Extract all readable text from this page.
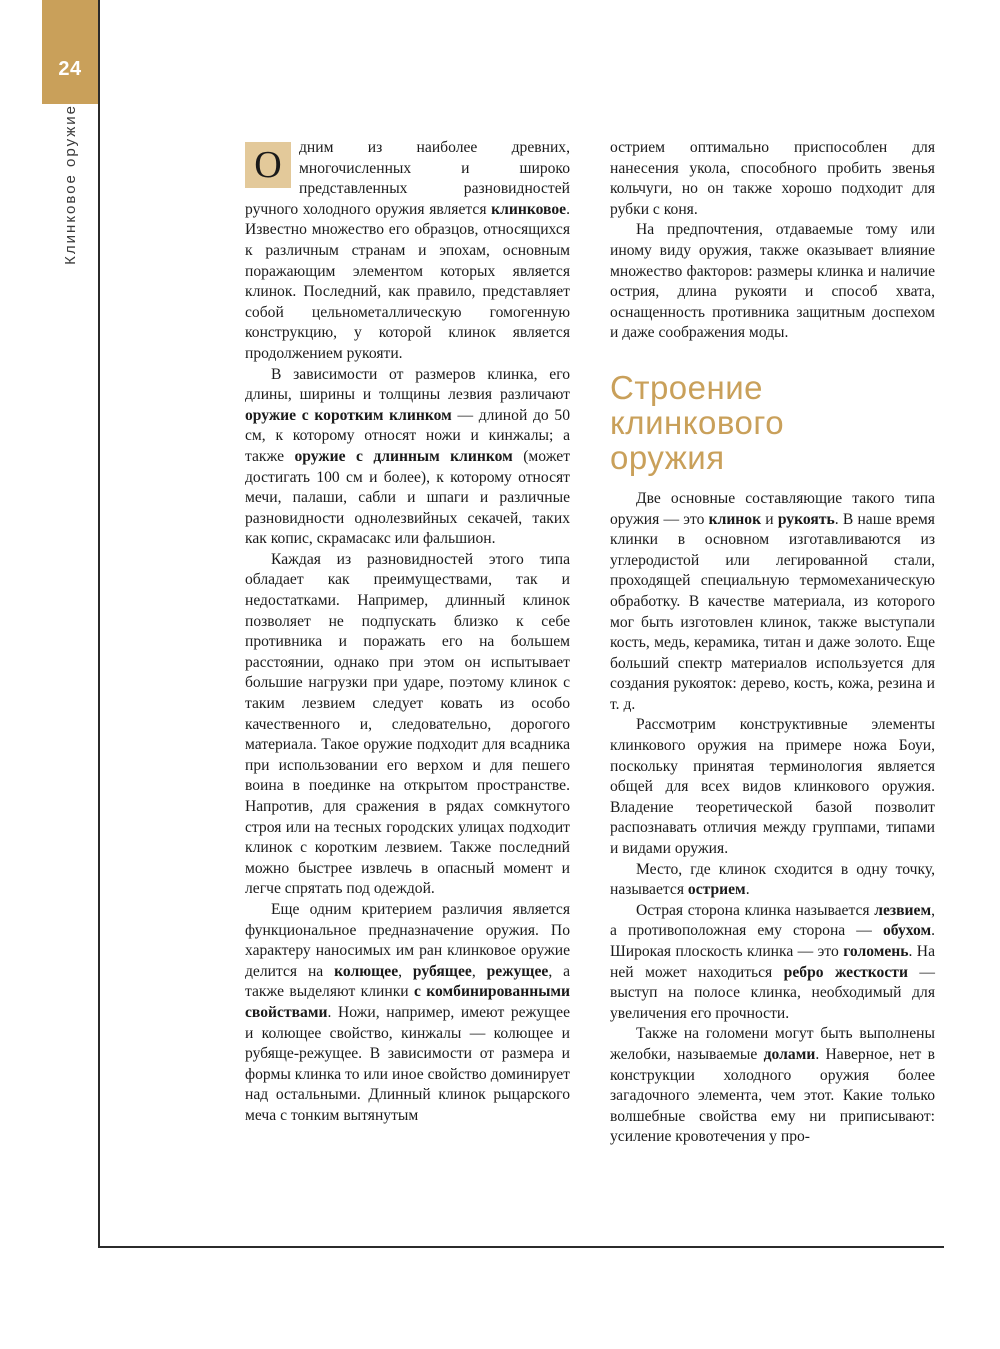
24
Клинковое оружие	О	дним из наиболее древних, многочисленных и широко представленных разновидностей ручного холодного оружия является клинковое. Известно множество его образцов, относящихся к различным странам и эпохам, основным поражающим элементом которых является клинок. Последний, как правило, представляет собой цельнометаллическую гомогенную конструкцию, у которой клинок является продолжением рукояти.

В зависимости от размеров клинка, его длины, ширины и толщины лезвия различают оружие с коротким клинком — длиной до 50 см, к которому относят ножи и кинжалы; а также оружие с длинным клинком (может достигать 100 см и более), к которому относят мечи, палаши, сабли и шпаги и различные разновидности однолезвийных секачей, таких как копис, скрамасакс или фальшион.

Каждая из разновидностей этого типа обладает как преимуществами, так и недостатками. Например, длинный клинок позволяет не подпускать близко к себе противника и поражать его на большем расстоянии, однако при этом он испытывает большие нагрузки при ударе, поэтому клинок с таким лезвием следует ковать из особо качественного и, следовательно, дорогого материала. Такое оружие подходит для всадника при использовании его верхом и для пешего воина в поединке на открытом пространстве. Напротив, для сражения в рядах сомкнутого строя или на тесных городских улицах подходит клинок с коротким лезвием. Также последний можно быстрее извлечь в опасный момент и легче спрятать под одеждой.

Еще одним критерием различия является функциональное предназначение оружия. По характеру наносимых им ран клинковое оружие делится на колющее, рубящее, режущее, а также выделяют клинки с комбинированными свойствами. Ножи, например, имеют режущее и колющее свойство, кинжалы — колющее и рубяще-режущее. В зависимости от размера и формы клинка то или иное свойство доминирует над остальными. Длинный клинок рыцарского меча с тонким вытянутым

острием оптимально приспособлен для нанесения укола, способного пробить звенья кольчуги, но он также хорошо подходит для рубки с коня.

На предпочтения, отдаваемые тому или иному виду оружия, также оказывает влияние множество факторов: размеры клинка и наличие острия, длина рукояти и способ хвата, оснащенность противника защитным доспехом и даже соображения моды.

Строение
клинкового
оружия

Две основные составляющие такого типа оружия — это клинок и рукоять. В наше время клинки в основном изготавливаются из углеродистой или легированной стали, проходящей специальную термомеханическую обработку. В качестве материала, из которого мог быть изготовлен клинок, также выступали кость, медь, керамика, титан и даже золото. Еще больший спектр материалов используется для создания рукояток: дерево, кость, кожа, резина и т. д.

Рассмотрим конструктивные элементы клинкового оружия на примере ножа Боуи, поскольку принятая терминология является общей для всех видов клинкового оружия. Владение теоретической базой позволит распознавать отличия между группами, типами и видами оружия.

Место, где клинок сходится в одну точку, называется острием.

Острая сторона клинка называется лезвием, а противоположная ему сторона — обухом. Широкая плоскость клинка — это голомень. На ней может находиться ребро жесткости — выступ на полосе клинка, необходимый для увеличения его прочности.

Также на голомени могут быть выполнены желобки, называемые долами. Наверное, нет в конструкции холодного оружия более загадочного элемента, чем этот. Какие только волшебные свойства ему ни приписывают: усиление кровотечения у про-
